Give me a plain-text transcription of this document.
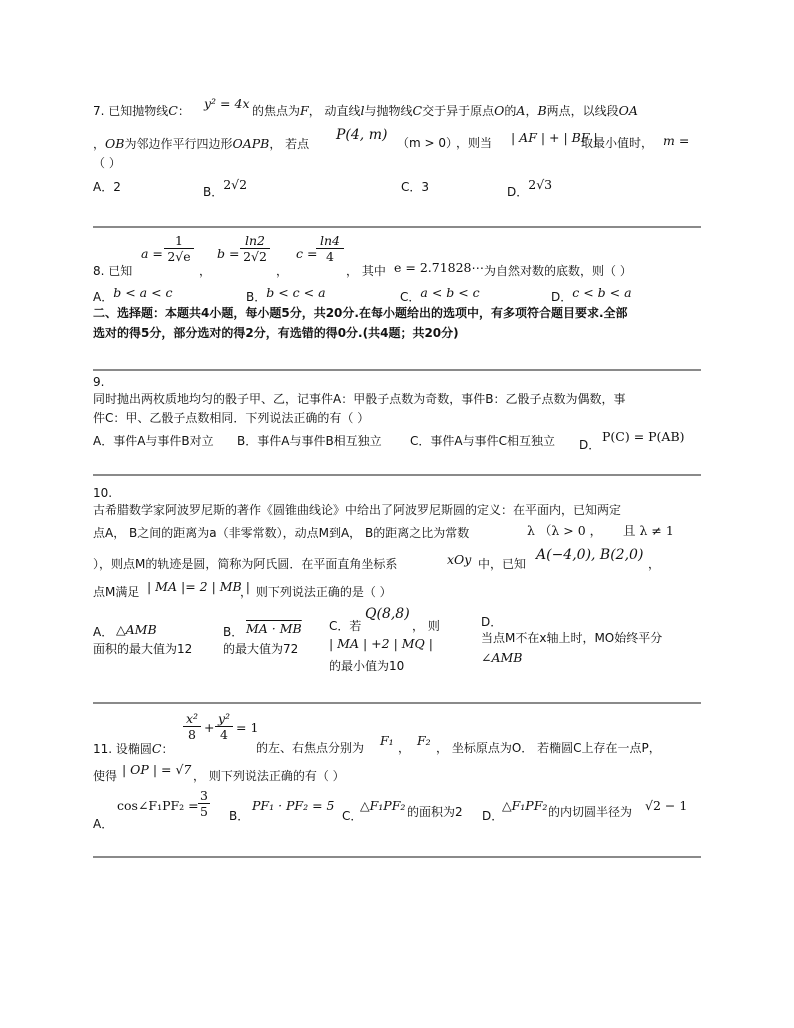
7. 已知抛物线C： y² = 4x 的焦点为F， 动直线l与抛物线C交于异于原点O的A，B两点，以线段OA
，OB为邻边作平行四边形OAPB， 若点
P(4, m) （m > 0）
，则当 | AF | + | BF |
取最小值时， m =
（ ）
A．2	B．2√2	C．3	D．2√3
8. 已知
a =
1
2√e
，
b =
ln2
2√2
，
c =
ln4
4
， 其中 e = 2.71828⋯ 为自然对数的底数，则（ ）
A．b < a < c	B．b < c < a	C．a < b < c	D．c < b < a
二、选择题：本题共4小题，每小题5分，共20分.在每小题给出的选项中，有多项符合题目要求.全部
选对的得5分，部分选对的得2分，有选错的得0分.(共4题；共20分)
9.
同时抛出两枚质地均匀的骰子甲、乙，记事件A：甲骰子点数为奇数，事件B：乙骰子点数为偶数，事
件C：甲、乙骰子点数相同．下列说法正确的有（ ）
A．事件A与事件B对立 B．事件A与事件B相互独立 C．事件A与事件C相互独立 D．
P(C) = P(AB)
10.
古希腊数学家阿波罗尼斯的著作《圆锥曲线论》中给出了阿波罗尼斯圆的定义：在平面内，已知两定
点A， B之间的距离为a（非零常数），动点M到A， B的距离之比为常数	λ （λ > 0 ， 且 λ ≠ 1
），则点M的轨迹是圆，简称为阿氏圆．在平面直角坐标系	xOy 中，已知
A(−4,0), B(2,0)
，
点M满足 | MA |= 2 | MB |
， 则下列说法正确的是（ ）
A． △AMB
面积的最大值为12
B． MA · MB
的最大值为72
C．若
Q(8,8)
， 则
| MA | +2 | MQ |
的最小值为10
D．
当点M不在x轴上时，MO始终平分
∠AMB
11. 设椭圆C：
x²
8 +
y²
4 = 1
的左、右焦点分别为 F₁ ， F₂ ， 坐标原点为O． 若椭圆C上存在一点P，
使得 | OP | = √7 ， 则下列说法正确的有（ ）
A．
cos∠F₁PF₂ =
3
5 B．
PF₁ · PF₂ = 5
C．
△F₁PF₂ 的面积为2 D．
△F₁PF₂ 的内切圆半径为 √2 − 1
